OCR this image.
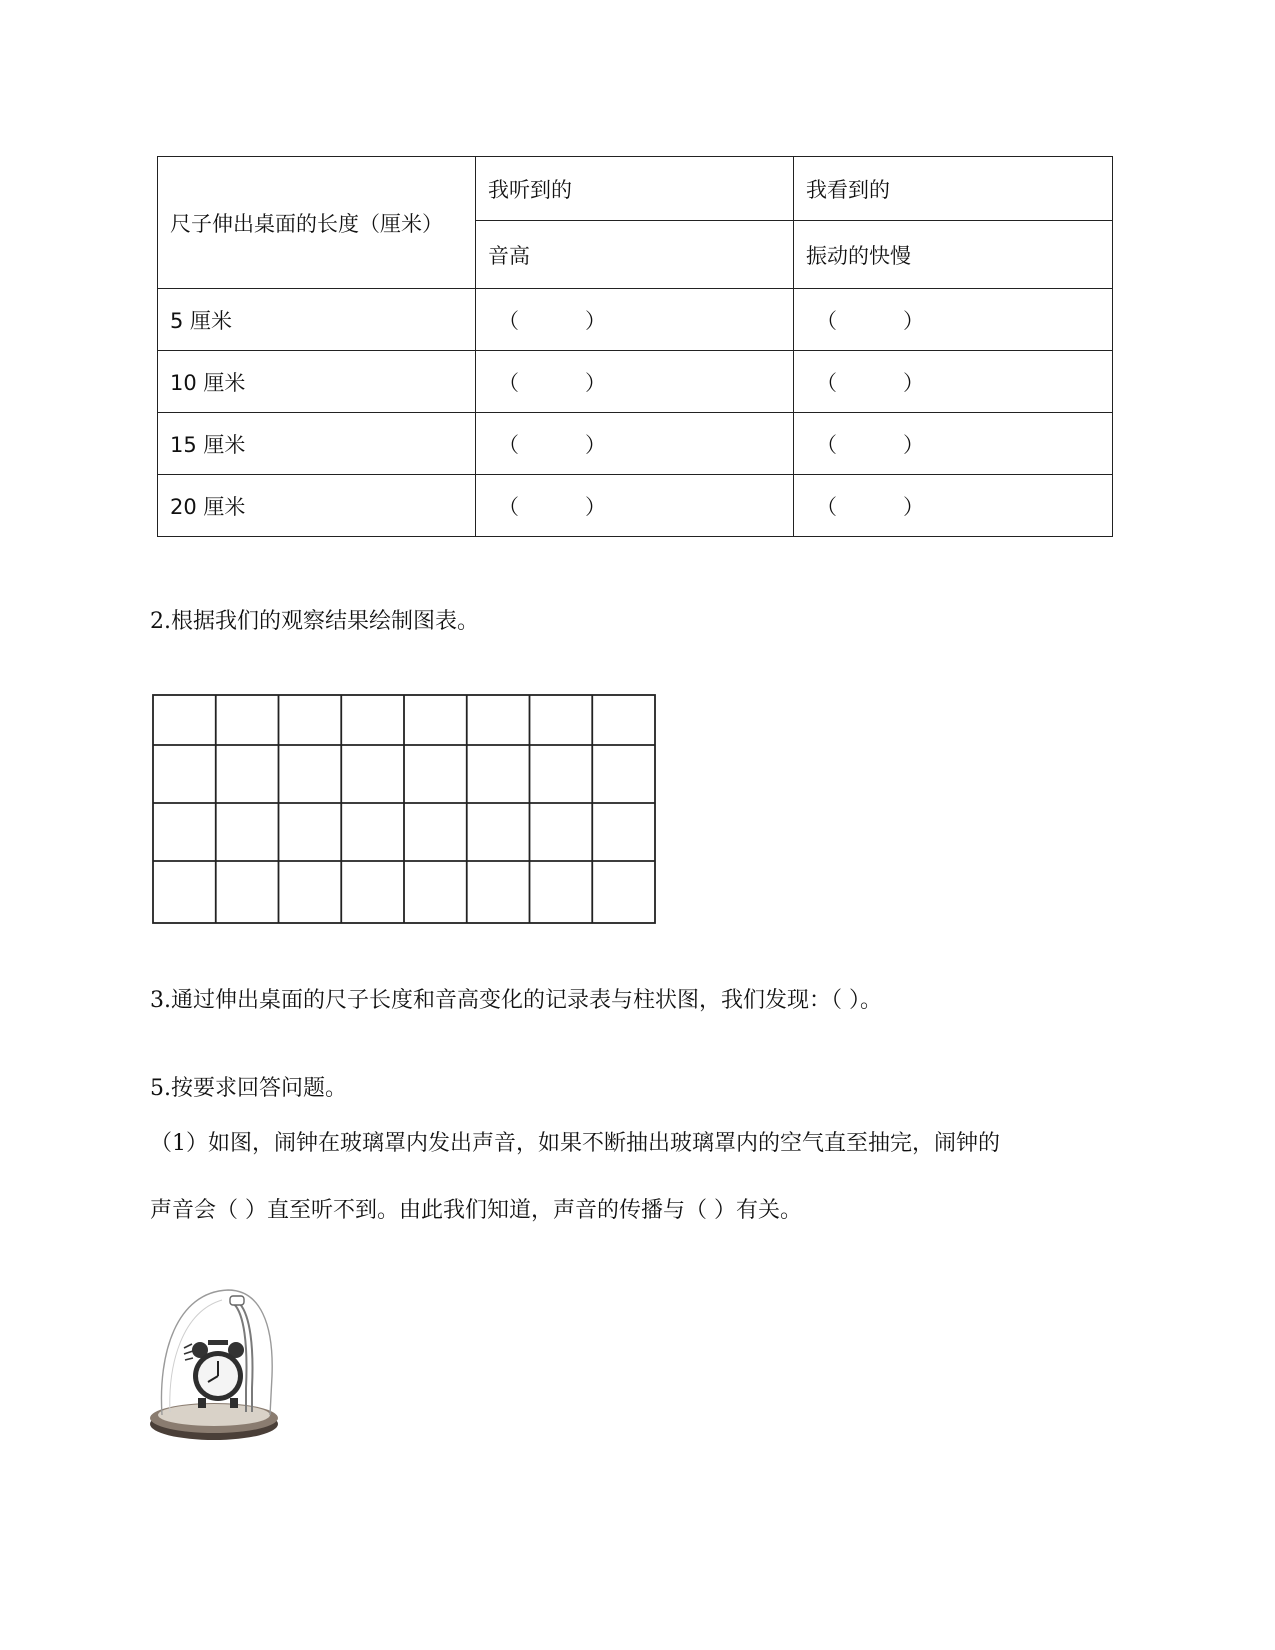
尺子伸出桌面的长度（厘米）	我听到的	我看到的
	音高	振动的快慢
5 厘米	（ ）	（ ）
10 厘米	（ ）	（ ）
15 厘米	（ ）	（ ）
20 厘米	（ ）	（ ）
2.根据我们的观察结果绘制图表。
3.通过伸出桌面的尺子长度和音高变化的记录表与柱状图，我们发现：（ ）。
5.按要求回答问题。
（1）如图，闹钟在玻璃罩内发出声音，如果不断抽出玻璃罩内的空气直至抽完，闹钟的
声音会（ ）直至听不到。由此我们知道，声音的传播与（ ）有关。
